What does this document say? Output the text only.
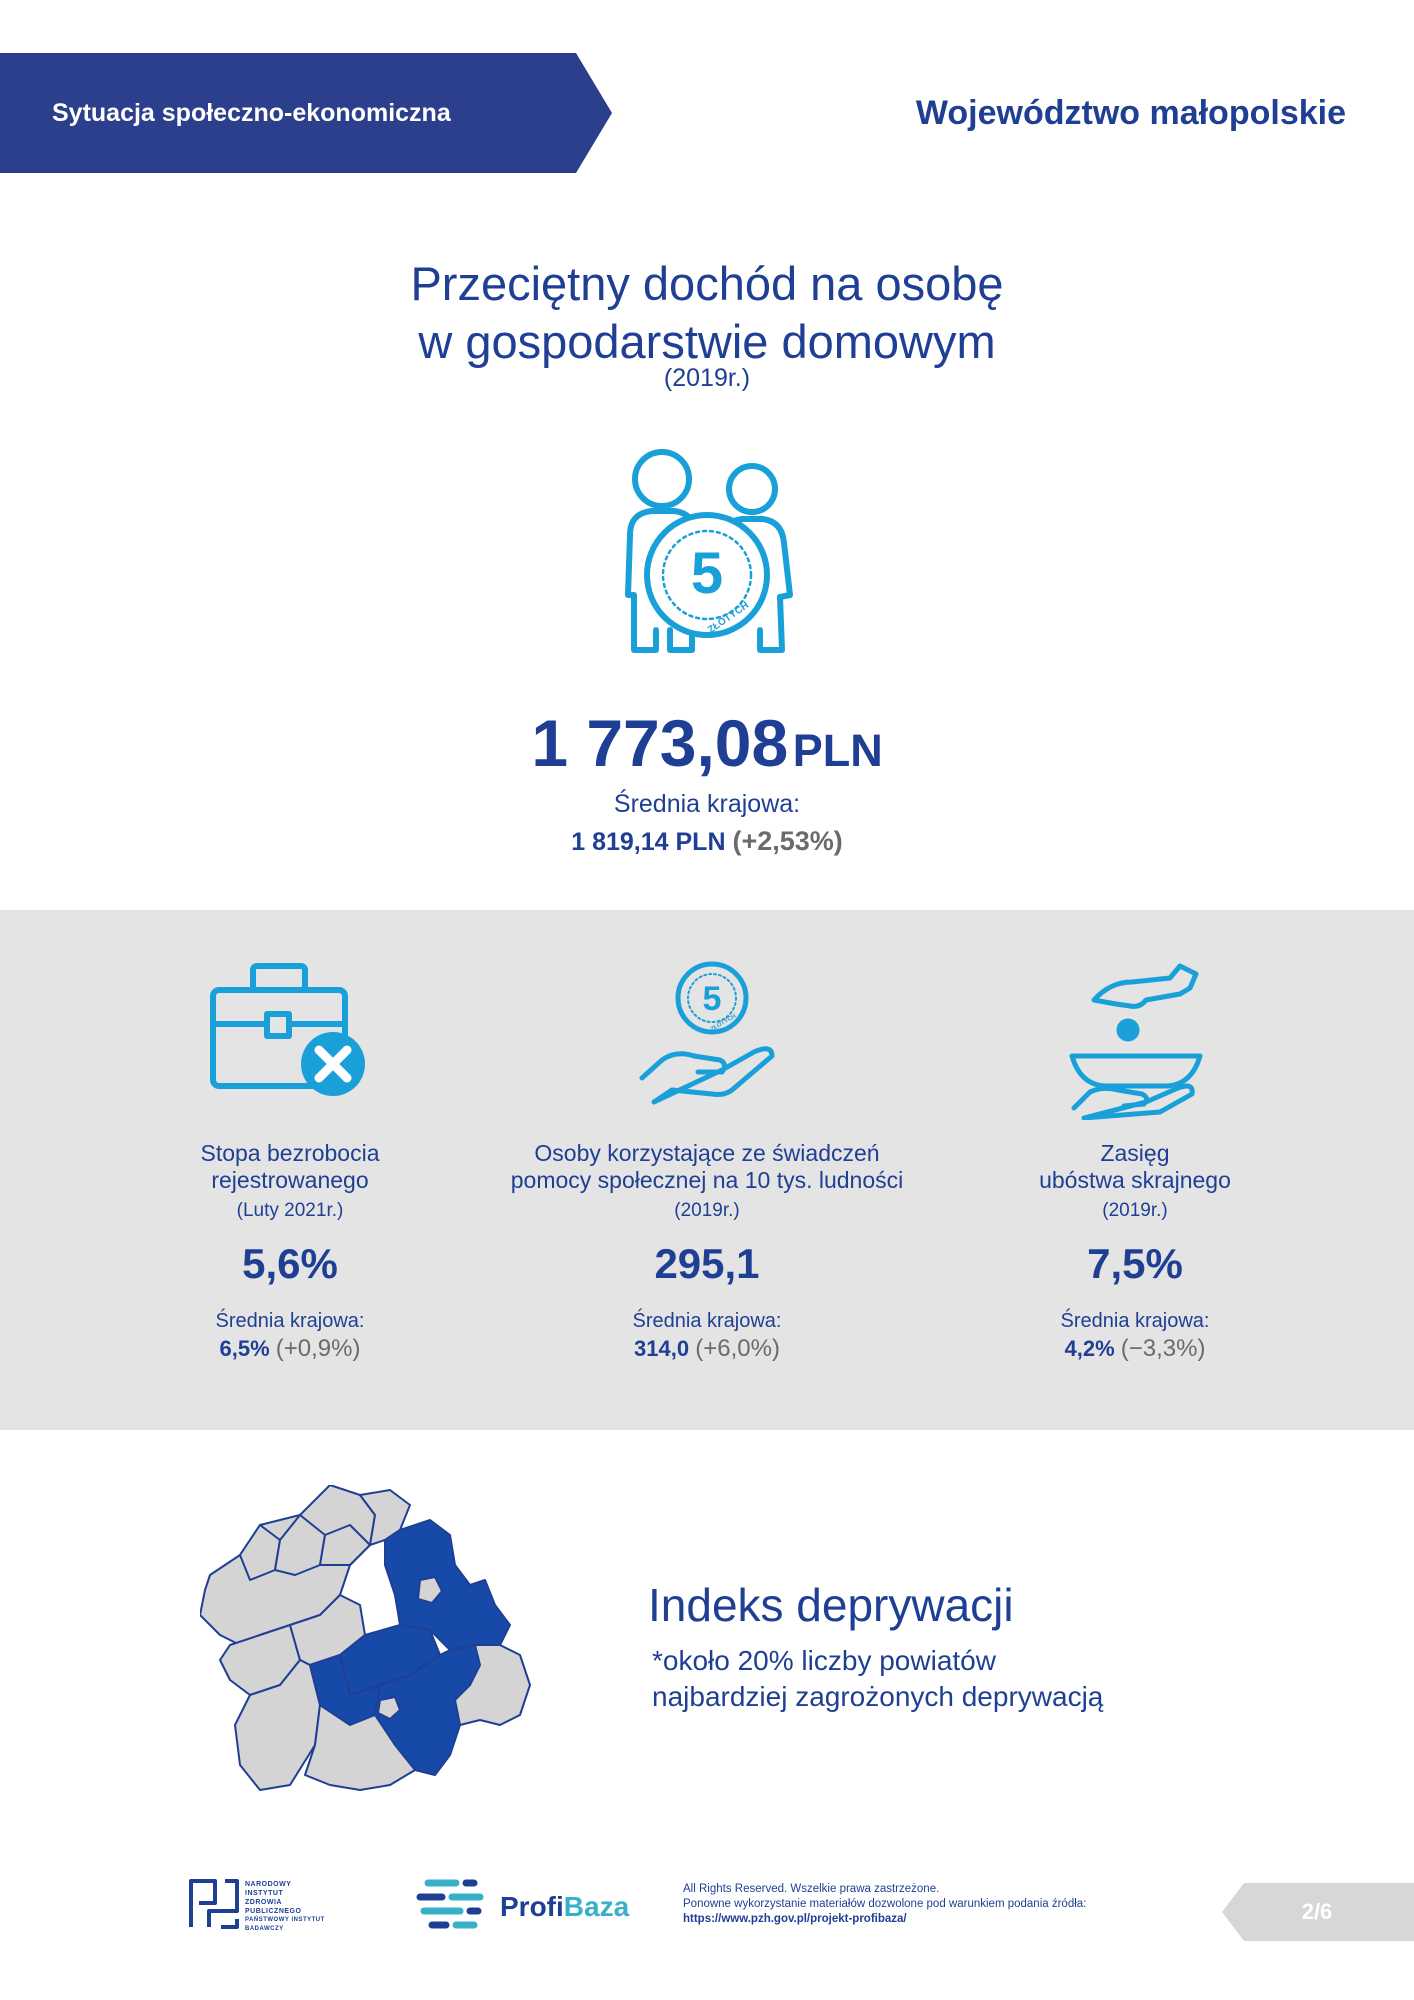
Sytuacja społeczno-ekonomiczna	Województwo małopolskie
Przeciętny dochód na osobę
w gospodarstwie domowym
(2019r.)
5
ZŁOTYCH
1 773,08 PLN
Średnia krajowa:
1 819,14 PLN (+2,53%)
Stopa bezrobocia
rejestrowanego
(Luty 2021r.)
5,6%
Średnia krajowa:
6,5% (+0,9%)
5
ZŁOTYCH
Osoby korzystające ze świadczeń
pomocy społecznej na 10 tys. ludności
(2019r.)
295,1
Średnia krajowa:
314,0 (+6,0%)
Zasięg
ubóstwa skrajnego
(2019r.)
7,5%
Średnia krajowa:
4,2% (−3,3%)
Indeks deprywacji
*około 20% liczby powiatów
najbardziej zagrożonych deprywacją
NARODOWY
INSTYTUT
ZDROWIA
PUBLICZNEGO
PAŃSTWOWY INSTYTUT
BADAWCZY
ProfiBaza
All Rights Reserved. Wszelkie prawa zastrzeżone.
Ponowne wykorzystanie materiałów dozwolone pod warunkiem podania źródła:
https://www.pzh.gov.pl/projekt-profibaza/	2/6
